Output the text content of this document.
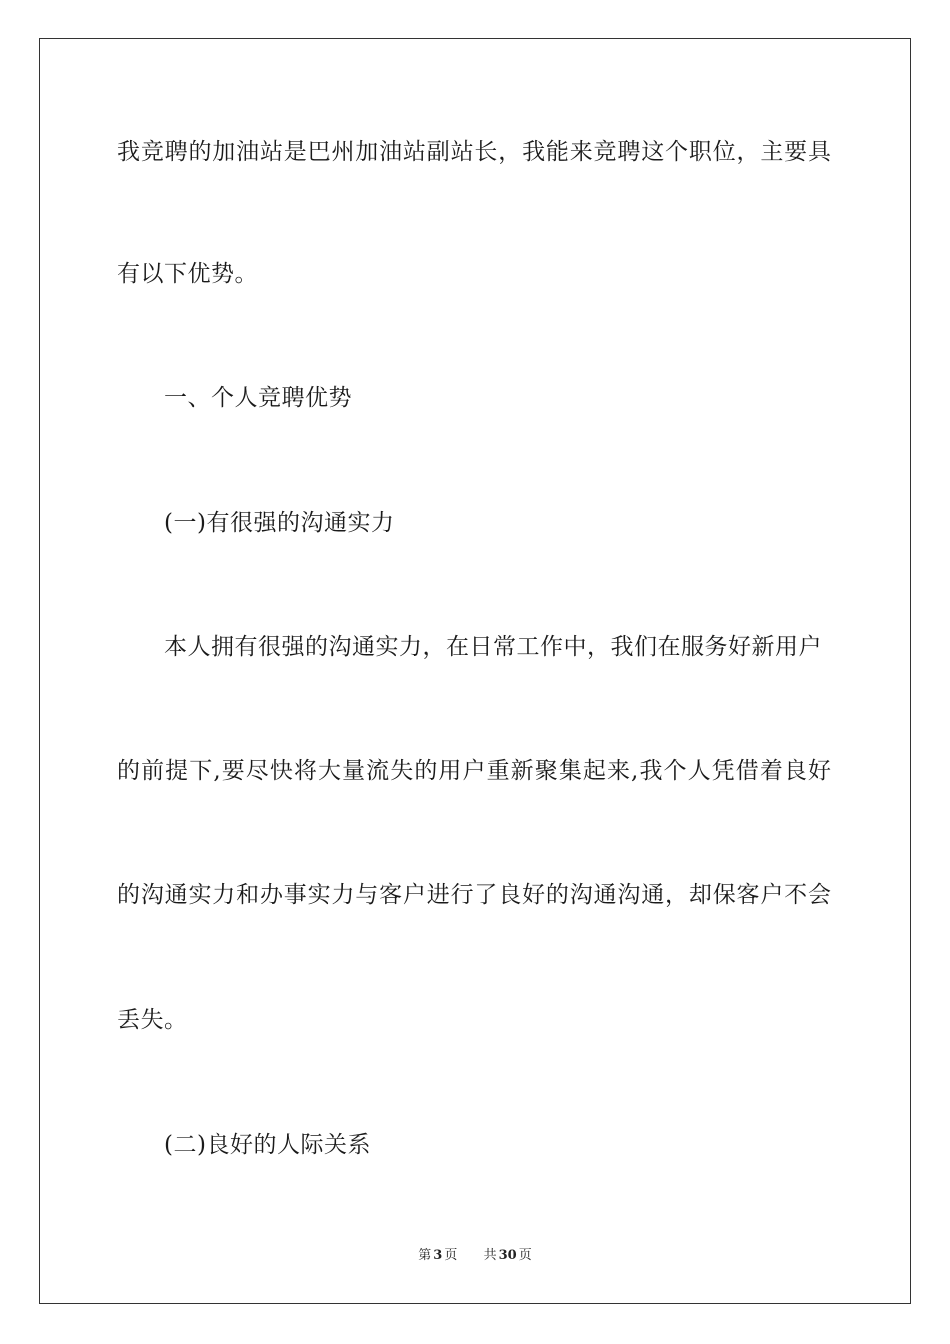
我竞聘的加油站是巴州加油站副站长，我能来竞聘这个职位，主要具
有以下优势。
一、个人竞聘优势
(一)有很强的沟通实力
本人拥有很强的沟通实力，在日常工作中，我们在服务好新用户
的前提下,要尽快将大量流失的用户重新聚集起来,我个人凭借着良好
的沟通实力和办事实力与客户进行了良好的沟通沟通，却保客户不会
丢失。
(二)良好的人际关系
第 3 页 共 30 页
